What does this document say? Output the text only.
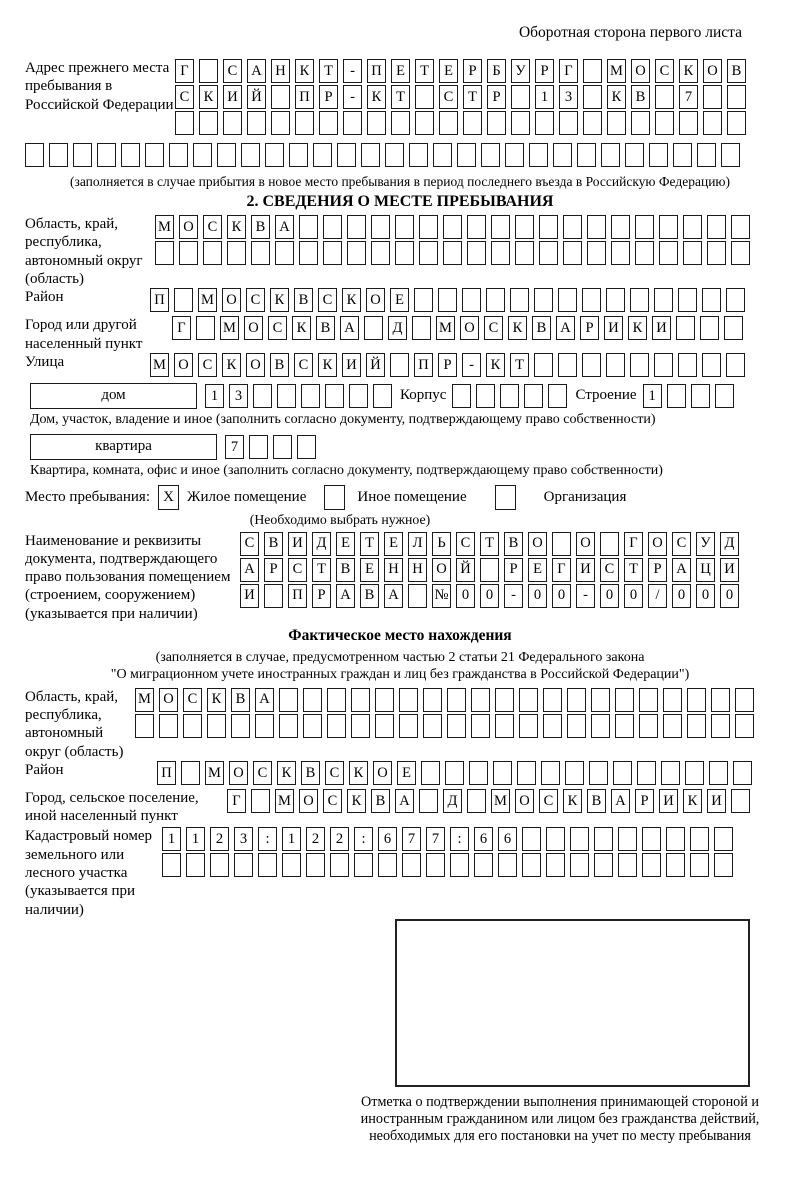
Оборотная сторона первого листа
Адрес прежнего места пребывания в Российской Федерации
Г	С А Н К	Т	-	П Е	Т	Е	Р	Б	У	Р	Г	М О С К О В
С К И Й	П	Р	-	К	Т	С	Т	Р	1	3	К В	7
(заполняется в случае прибытия в новое место пребывания в период последнего въезда в Российскую Федерацию)
2. СВЕДЕНИЯ О МЕСТЕ ПРЕБЫВАНИЯ
Область, край, республика, автономный округ (область)
М О С К В А
Район	П	М О С К В С К О Е
Город или другой населенный пункт
Г	М О С К В А	Д	М О С К В А	Р	И К И
Улица	М О С К О В С К И Й	П	Р	-	К	Т
дом	1	3	Корпус	Строение 1
Дом, участок, владение и иное (заполнить согласно документу, подтверждающему право собственности)
квартира	7
Квартира, комната, офис и иное (заполнить согласно документу, подтверждающему право собственности)
Место пребывания: X Жилое помещение	Иное помещение	Организация
(Необходимо выбрать нужное)
Наименование и реквизиты документа, подтверждающего право пользования помещением (строением, сооружением) (указывается при наличии)
С В И Д	Е	Т	Е	Л	Ь	С	Т	В О	О	Г	О С У Д
А	Р	С	Т	В	Е Н Н О Й	Р	Е	Г	И С	Т	Р	А Ц И
И	П	Р	А В А № 0	0	-	0	0	-	0	0	/	0	0	0
Фактическое место нахождения
(заполняется в случае, предусмотренном частью 2 статьи 21 Федерального закона
"О миграционном учете иностранных граждан и лиц без гражданства в Российской Федерации")
Область, край, республика, автономный округ (область)
М О С К В А
Район	П	М О С К В С К О Е
Город, сельское поселение, иной населенный пункт
Г	М О С К В А	Д	М О С К В А	Р	И К И
Кадастровый номер земельного или лесного участка (указывается при наличии)
1	1	2	3	:	1	2	2	:	6	7	7	:	6	6
Отметка о подтверждении выполнения принимающей стороной и иностранным гражданином или лицом без гражданства действий, необходимых для его постановки на учет по месту пребывания
